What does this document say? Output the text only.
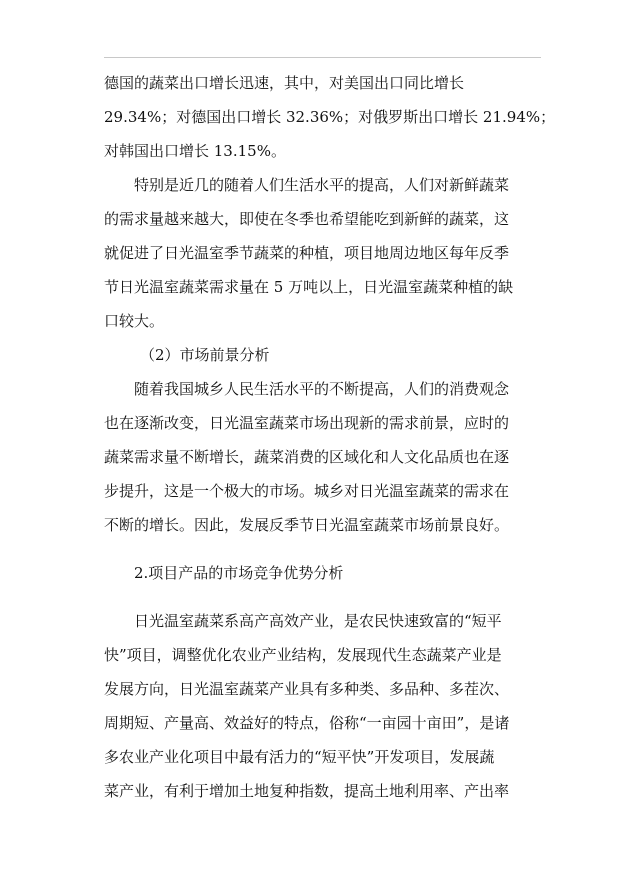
德国的蔬菜出口增长迅速，其中，对美国出口同比增长
29.34%；对德国出口增长 32.36%；对俄罗斯出口增长 21.94%；
对韩国出口增长 13.15%。
特别是近几的随着人们生活水平的提高，人们对新鲜蔬菜
的需求量越来越大，即使在冬季也希望能吃到新鲜的蔬菜，这
就促进了日光温室季节蔬菜的种植，项目地周边地区每年反季
节日光温室蔬菜需求量在 5 万吨以上，日光温室蔬菜种植的缺
口较大。
（2）市场前景分析
随着我国城乡人民生活水平的不断提高，人们的消费观念
也在逐渐改变，日光温室蔬菜市场出现新的需求前景，应时的
蔬菜需求量不断增长，蔬菜消费的区域化和人文化品质也在逐
步提升，这是一个极大的市场。城乡对日光温室蔬菜的需求在
不断的增长。因此，发展反季节日光温室蔬菜市场前景良好。
2.项目产品的市场竞争优势分析
日光温室蔬菜系高产高效产业，是农民快速致富的“短平
快”项目，调整优化农业产业结构，发展现代生态蔬菜产业是
发展方向，日光温室蔬菜产业具有多种类、多品种、多茬次、
周期短、产量高、效益好的特点，俗称“一亩园十亩田”，是诸
多农业产业化项目中最有活力的“短平快”开发项目，发展蔬
菜产业，有利于增加土地复种指数，提高土地利用率、产出率
